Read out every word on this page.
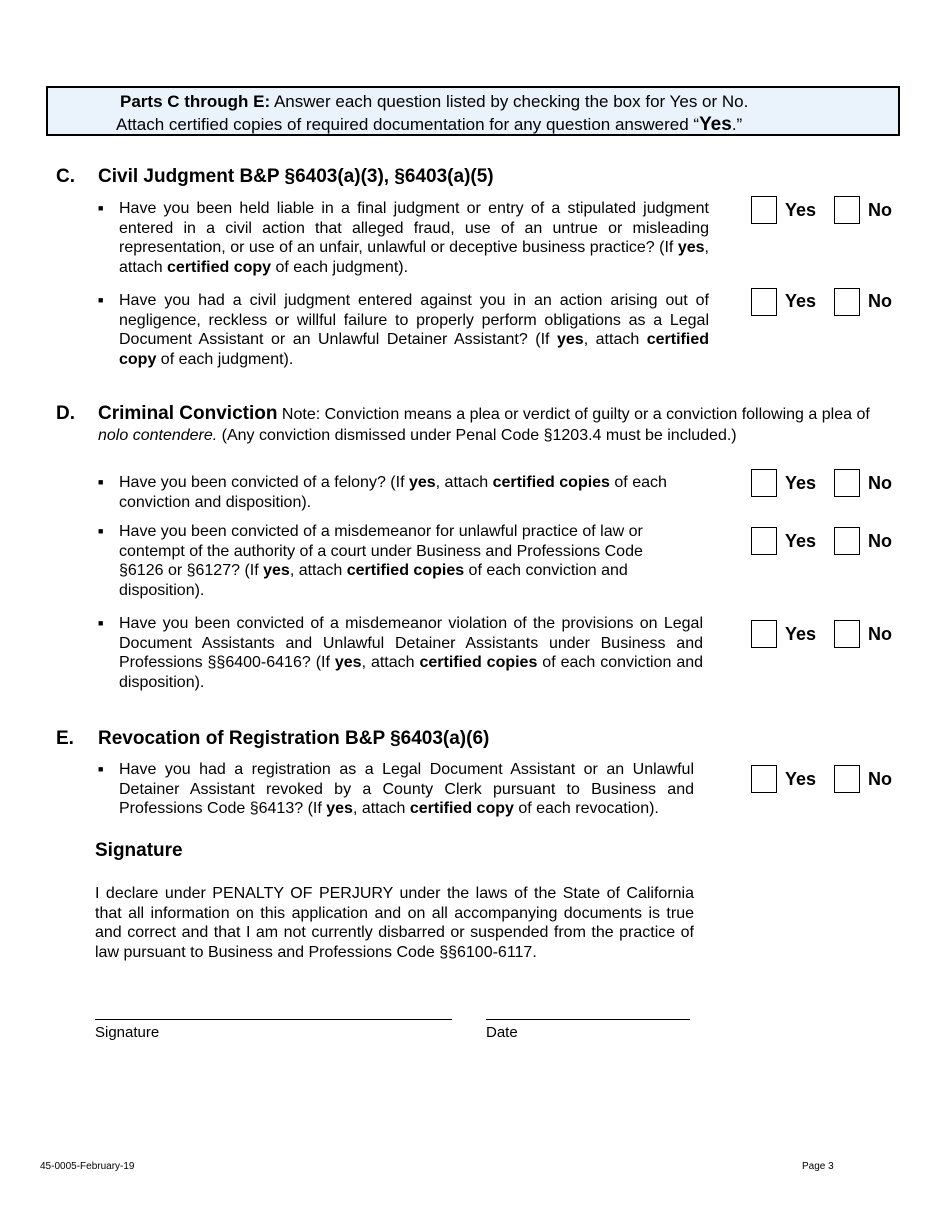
Parts C through E: Answer each question listed by checking the box for Yes or No.
Attach certified copies of required documentation for any question answered “Yes.”
C. Civil Judgment B&P §6403(a)(3), §6403(a)(5)
■ Have you been held liable in a final judgment or entry of a stipulated judgment entered in a civil action that alleged fraud, use of an untrue or misleading representation, or use of an unfair, unlawful or deceptive business practice? (If yes, attach certified copy of each judgment).
Yes	No
■ Have you had a civil judgment entered against you in an action arising out of negligence, reckless or willful failure to properly perform obligations as a Legal Document Assistant or an Unlawful Detainer Assistant? (If yes, attach certified copy of each judgment).
Yes	No
D. Criminal Conviction Note: Conviction means a plea or verdict of guilty or a conviction following a plea of nolo contendere. (Any conviction dismissed under Penal Code §1203.4 must be included.)
■ Have you been convicted of a felony? (If yes, attach certified copies of each conviction and disposition).
Yes	No
■ Have you been convicted of a misdemeanor for unlawful practice of law or contempt of the authority of a court under Business and Professions Code §6126 or §6127? (If yes, attach certified copies of each conviction and disposition).
Yes	No
■ Have you been convicted of a misdemeanor violation of the provisions on Legal Document Assistants and Unlawful Detainer Assistants under Business and Professions §§6400-6416? (If yes, attach certified copies of each conviction and disposition).
Yes	No
E. Revocation of Registration B&P §6403(a)(6)
■ Have you had a registration as a Legal Document Assistant or an Unlawful Detainer Assistant revoked by a County Clerk pursuant to Business and Professions Code §6413? (If yes, attach certified copy of each revocation).
Yes	No
Signature
I declare under PENALTY OF PERJURY under the laws of the State of California that all information on this application and on all accompanying documents is true and correct and that I am not currently disbarred or suspended from the practice of law pursuant to Business and Professions Code §§6100-6117.
Signature	Date
45-0005-February-19	Page 3
